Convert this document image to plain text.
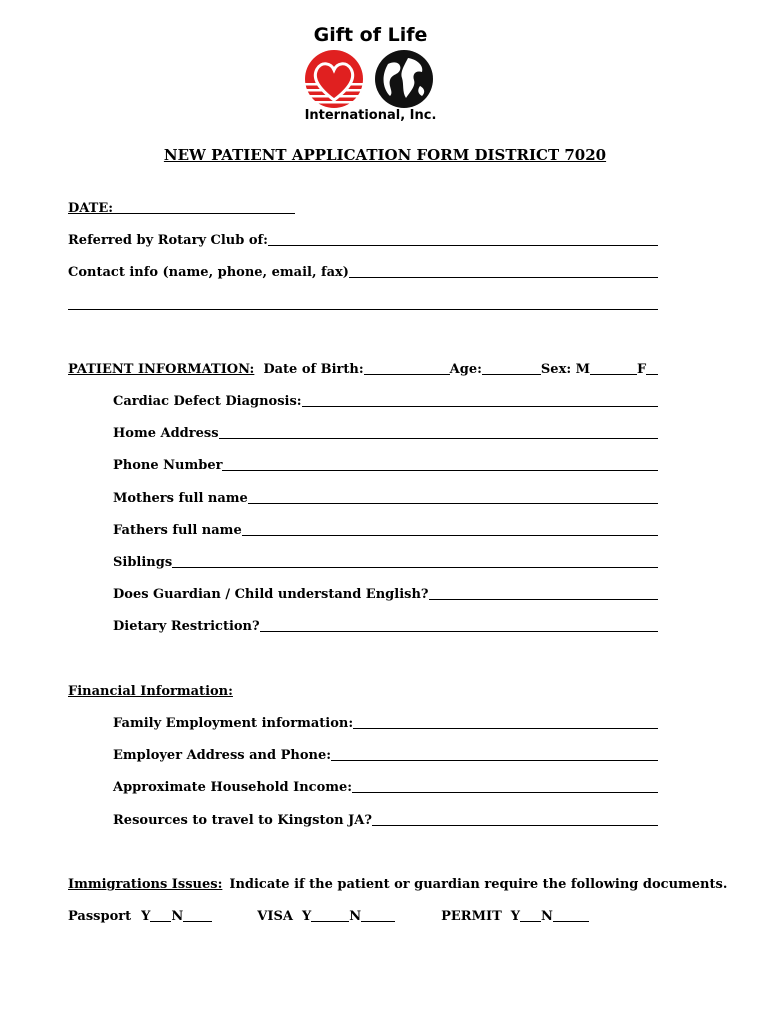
Gift of Life
International, Inc.
NEW PATIENT APPLICATION FORM DISTRICT 7020
DATE:
Referred by Rotary Club of:
Contact info (name, phone, email, fax)
PATIENT INFORMATION: Date of Birth:	Age:	Sex: M	F
Cardiac Defect Diagnosis:
Home Address
Phone Number
Mothers full name
Fathers full name
Siblings
Does Guardian / Child understand English?
Dietary Restriction?
Financial Information:
Family Employment information:
Employer Address and Phone:
Approximate Household Income:
Resources to travel to Kingston JA?
Immigrations Issues: Indicate if the patient or guardian require the following documents.
Passport Y N	VISA Y	N	PERMIT Y N
